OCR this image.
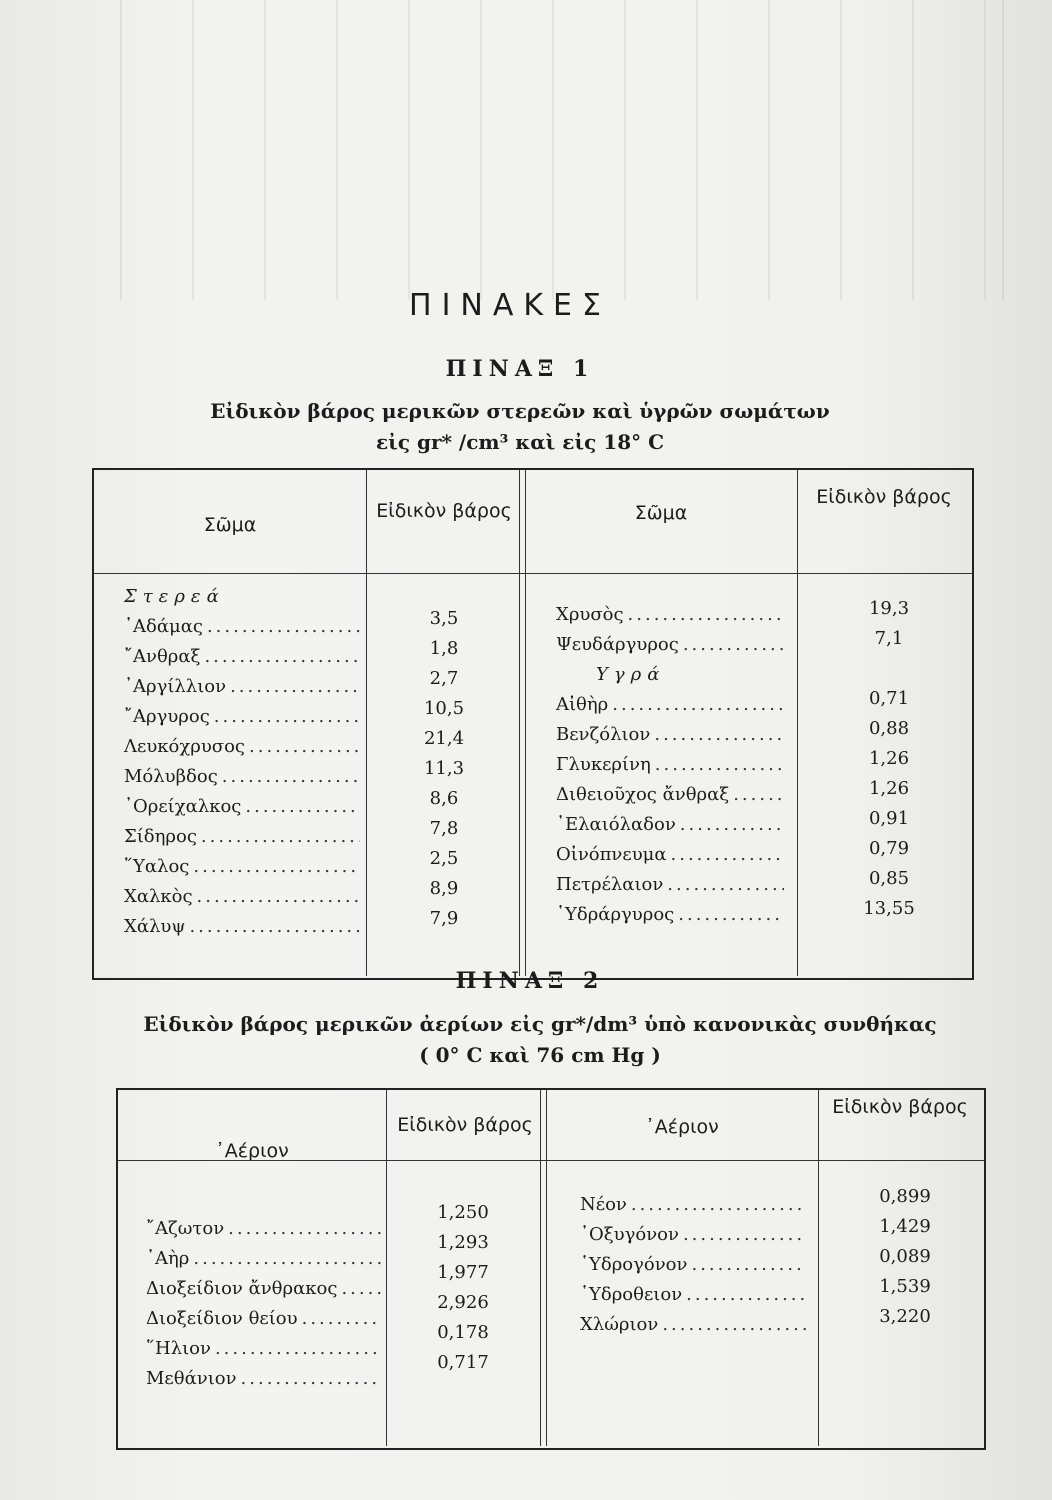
ΠΙΝΑΚΕΣ
ΠΙΝΑΞ 1
Εἰδικὸν βάρος μερικῶν στερεῶν καὶ ὑγρῶν σωμάτων
εἰς gr* /cm³ καὶ εἰς 18° C
Σῶμα
Εἰδικὸν βάρος	Σῶμα
Εἰδικὸν βάρος
Στερεά
᾿Αδάμας
.....
῎Ανθραξ
.....
᾿Αργίλλιον
.....
῎Αργυρος
.....
Λευκόχρυσος
.....
Μόλυβδος
.....
᾿Ορείχαλκος
.....
Σίδηρος
.....
῞Υαλος
.....
Χαλκὸς
.....
Χάλυψ
.....
3,5
1,8
2,7
10,5
21,4
11,3
8,6
7,8
2,5
8,9
7,9
Χρυσὸς
.....
Ψευδάργυρος
.....
Υγρά
Αἰθὴρ
.....
Βενζόλιον
.....
Γλυκερίνη
.....
Διθειοῦχος ἄνθραξ
.....
᾿Ελαιόλαδον
.....
Οἰνόπνευμα
.....
Πετρέλαιον
.....
῾Υδράργυρος
.....
19,3
7,1
0,71
0,88
1,26
1,26
0,91
0,79
0,85
13,55
ΠΙΝΑΞ 2
Εἰδικὸν βάρος μερικῶν ἀερίων εἰς gr*/dm³ ὑπὸ κανονικὰς συνθήκας
( 0° C καὶ 76 cm Hg )
᾿Αέριον
Εἰδικὸν βάρος	᾿Αέριον
Εἰδικὸν βάρος
῎Αζωτον
.....
᾿Αὴρ
.....
Διοξείδιον ἄνθρακος
.....
Διοξείδιον θείου
.....
῞Ηλιον
.....
Μεθάνιον
.....
1,250
1,293
1,977
2,926
0,178
0,717
Νέον
.....
᾿Οξυγόνον
.....
῾Υδρογόνον
.....
῾Υδροθειον
.....
Χλώριον
.....
0,899
1,429
0,089
1,539
3,220
